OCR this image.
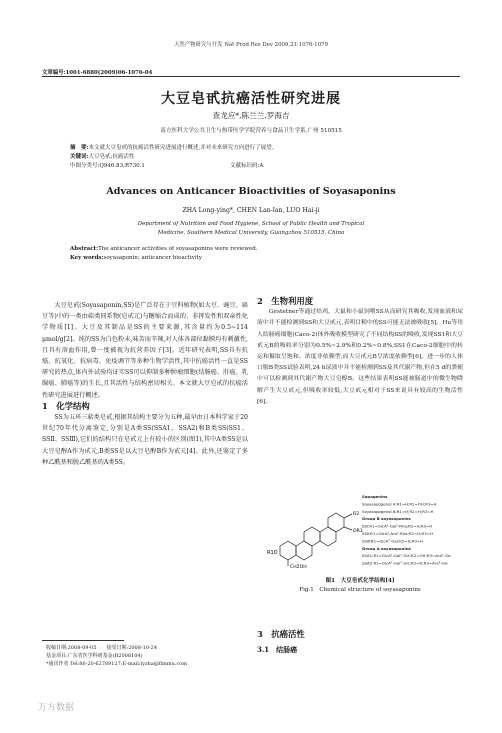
天然产物研究与开发 Nat Prod Res Dev 2009,21:1076-1079
文章编号:1001-6880(2009)06-1076-04
大豆皂甙抗癌活性研究进展
查龙应*,陈兰兰,罗海吉
南方医科大学公共卫生与热带医学学院营养与食品卫生学系,广州 510515
摘　要:本文就大豆皂甙的抗癌活性研究进展进行概述,并对未来研究方向进行了展望。
关键词:大豆皂甙;抗癌活性
中图分类号:Q946.83;R730.1	文献标识码:A
Advances on Anticancer Bioactivities of Soyasaponins
ZHA Long-ying*, CHEN Lan-lan, LUO Hai-ji
Department of Nutrition and Food Hygiene, School of Public Health and Tropical
Medicine, Southern Medical University, Guangzhou 510515, China
Abstract:The anticancer activities of soyasaponins were reviewed.
Key words:soyasaponin; anticancer bioactivity

大豆皂甙(Soyasaponin,SS)是广泛存在于豆科植物(如大豆、豌豆、扁豆等)中的一类由萜类同系物(皂甙元)与糖缩合而成的、非挥发性和双亲性化学物质[1]。大豆及其制品是SS的主要来源,其含量约为0.5~114 μmol/g[2]。纯的SS为白色粉末,味苦而辛辣,对人体各部位黏膜均有刺激性,且具有溶血作用,曾一度被视为抗营养因子[3]。近年研究表明,SS具有抗癌、抗氧化、抗病毒、免疫调节等多种生物学活性,其中抗癌活性一直是SS研究的热点,体内外试验均证实SS可以抑制多种肿瘤细胞(结肠癌、肝癌、乳腺癌、肺癌等)的生长,且其活性与结构密切相关。本文就大豆皂甙的抗癌活性研究进展进行概述。

1　化学结构

SS为五环三萜类皂甙,根据其结构主要分为五种,最早由日本科学家于20世纪70年代分离鉴定,分别是A类SS(SSA1、SSA2)和B类SS(SS1、SSⅡ、SSⅢ),它们的结构只在皂甙元上有较小的区别(图1),其中A类SS是以大豆皂醇A作为甙元,B类SS是以大豆皂醇B作为甙元[4]。此外,还鉴定了多种乙酰基和脱乙酰基的A类SS。

2　生物利用度

Gestetner等通过给鸡、大鼠和小鼠饲喂SS从而研究其吸收,发现血液和尿液中并不能检测到SS和大豆甙元,表明目粮中的SS可能无法被吸收[5]。Hu等用人结肠癌细胞(Caco-2)体外吸收模型研究了不同结构SS的吸收,发现SS1和大豆甙元B的吸收率分别为0.5%~2.9%和0.2%~0.8%,SS1在Caco-2细胞中的转运和摄取呈饱和、浓度非依赖型,而大豆甙元B呈浓度依赖型[6]。进一步的人体口服B类SS试验表明,24 h尿液中并不能检测到SS及其代谢产物,但在5 d的粪便中可以检测到其代谢产物大豆皂醇B。这些结果表明SS能被肠道中的微生物降解产生大豆甙元,但吸收率较低,大豆甙元相对于SS来说具有较高的生物活性[6]。

R1O
CH2OH
R2
OR3
Sapogenins
Soyasapogenol A:R1=H;R2=OH;R3=H
Soyasapogenol B:R1=H;R2=H;R3=H
Group B soyasaponins
SSⅠ:R1=GlcA²-Gal²-Rha;R2=H;R3=H
SSⅡ:R1=GlcA²-Ara²-Rha;R2=H;R3=H
SSⅢ:R1=GlcA²-Gal;R2=H;R3=H
Group A soyasaponins
SSA1:R1=GlcA²-Gal²-Glc;R2=OH;R3=Ara³-Glc
SSA2:R1=GlcA²-Gal²-Glc;R2=H;R3=Ara³-Glc
图1　大豆皂甙化学结构[4]
Fig.1　Chemical structure of soyasaponins
3　抗癌活性
3.1　结肠癌
收稿日期:2008-09-05　　接受日期:2008-10-24
基金项目:广东省医学科研基金(B2008104)
*通讯作者 Tel:86-20-62789127;E-mail:lyzha@fimmu.com
万方数据
